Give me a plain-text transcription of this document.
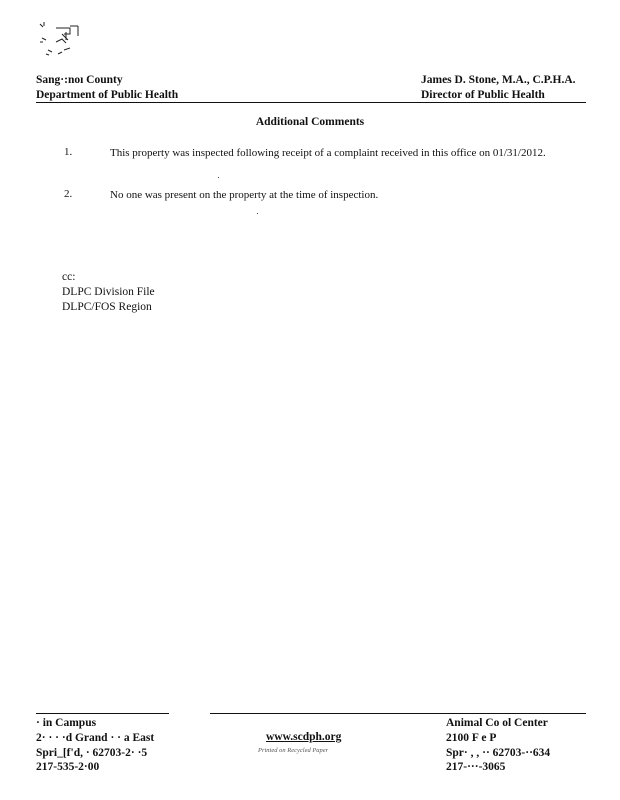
Sang·:noı County
Department of Public Health
James D. Stone, M.A., C.P.H.A.
Director of Public Health
Additional Comments
1.	This property was inspected following receipt of a complaint received in this office on 01/31/2012.
2.	No one was present on the property at the time of inspection.
cc:
DLPC Division File
DLPC/FOS Region
· in Campus
2· · · ·d Grand · · a East
Spri_[f'd, · 62703-2· ·5
217-535-2·00
www.scdph.org
Printed on Recycled Paper
Animal Co ol Center
2100 F e P
Spr· , , ·· 62703-··634
217-···-3065
